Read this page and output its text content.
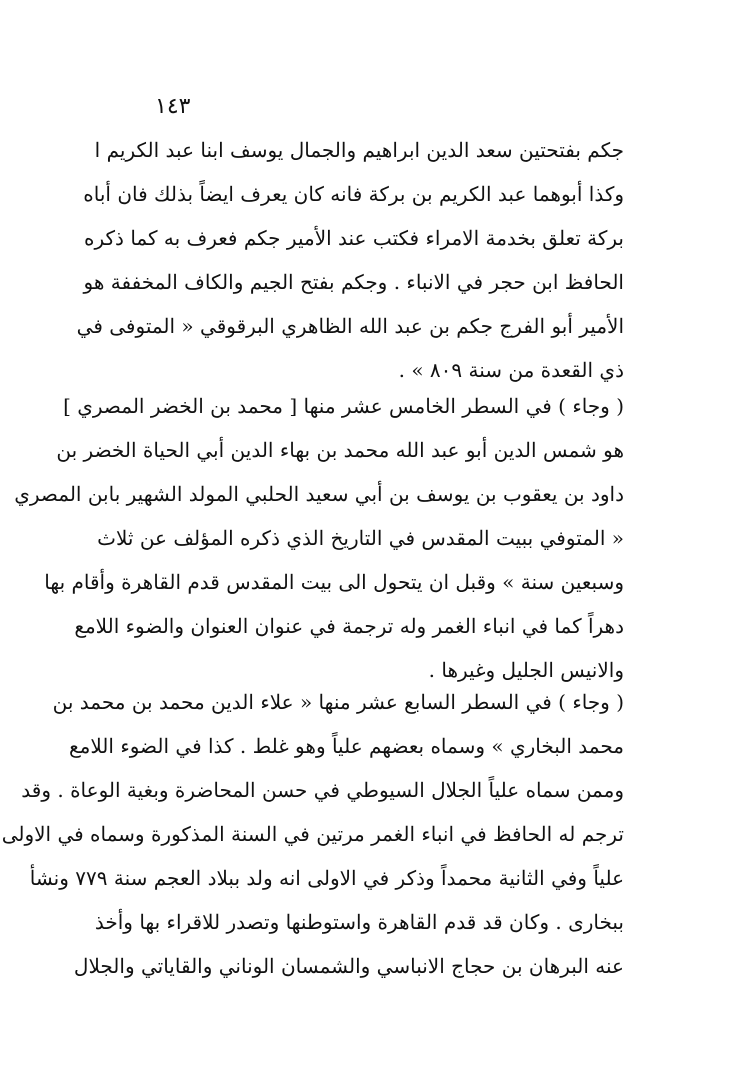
١٤٣
جكم بفتحتين سعد الدين ابراهيم والجمال يوسف ابنا عبد الكريم ا
وكذا أبوهما عبد الكريم بن بركة فانه كان يعرف ايضاً بذلك فان أباه
بركة تعلق بخدمة الامراء فكتب عند الأمير جكم فعرف به كما ذكره
الحافظ ابن حجر في الانباء . وجكم بفتح الجيم والكاف المخففة هو
الأمير أبو الفرج جكم بن عبد الله الظاهري البرقوقي « المتوفى في
ذي القعدة من سنة ٨٠٩ » .
( وجاء ) في السطر الخامس عشر منها [ محمد بن الخضر المصري ]
هو شمس الدين أبو عبد الله محمد بن بهاء الدين أبي الحياة الخضر بن
داود بن يعقوب بن يوسف بن أبي سعيد الحلبي المولد الشهير بابن المصري
« المتوفي ببيت المقدس في التاريخ الذي ذكره المؤلف عن ثلاث
وسبعين سنة » وقبل ان يتحول الى بيت المقدس قدم القاهرة وأقام بها
دهراً كما في انباء الغمر وله ترجمة في عنوان العنوان والضوء اللامع
والانيس الجليل وغيرها .
( وجاء ) في السطر السابع عشر منها « علاء الدين محمد بن محمد بن
محمد البخاري » وسماه بعضهم علياً وهو غلط . كذا في الضوء اللامع
وممن سماه علياً الجلال السيوطي في حسن المحاضرة وبغية الوعاة . وقد
ترجم له الحافظ في انباء الغمر مرتين في السنة المذكورة وسماه في الاولى
علياً وفي الثانية محمداً وذكر في الاولى انه ولد ببلاد العجم سنة ٧٧٩ ونشأ
ببخارى . وكان قد قدم القاهرة واستوطنها وتصدر للاقراء بها وأخذ
عنه البرهان بن حجاج الانباسي والشمسان الوناني والقاياتي والجلال
